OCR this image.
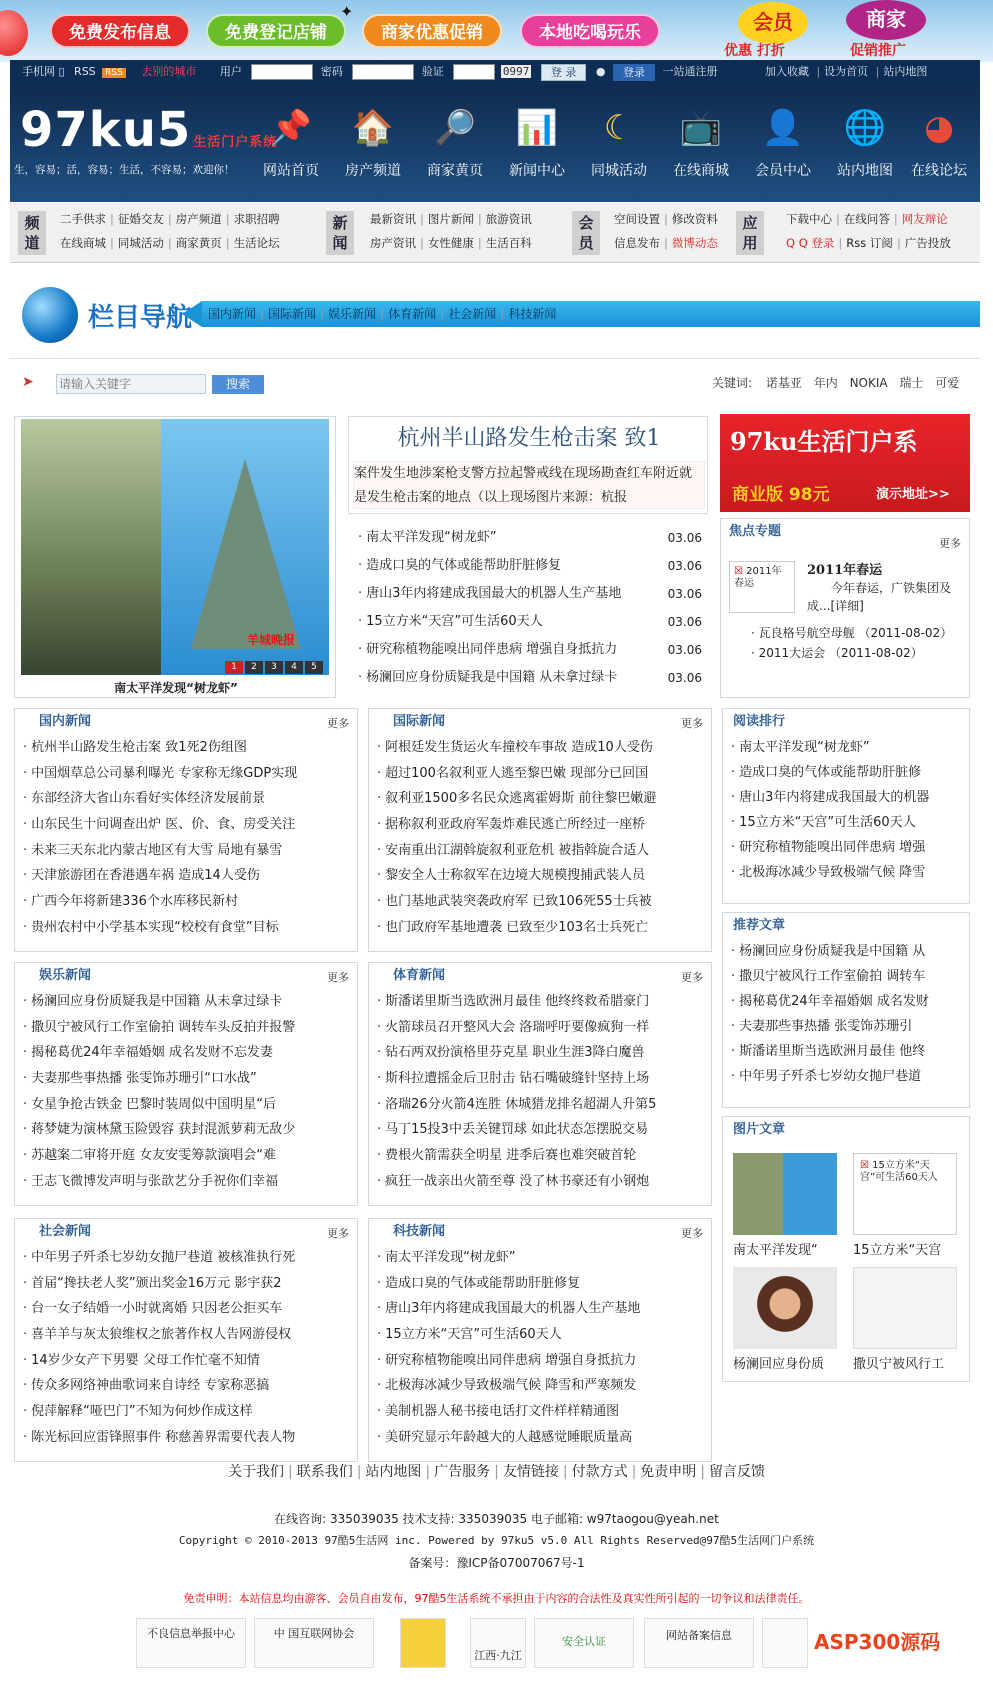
免费发布信息	免费登记店铺
✦
商家优惠促销	本地吃喝玩乐	会员
优惠 打折
商家
促销推广
手机网 ▯ RSS RSS 去别的城市 用户	密码	验证	0997 登 录 ● 登录 一站通注册	加入收藏 | 设为首页 | 站内地图
97ku5 生活门户系统
生，容易；活，容易；生活，不容易；欢迎你！
📌
网站首页
🏠
房产频道
🔎
商家黄页
📊
新闻中心
☾
同城活动
📺
在线商城
👤
会员中心
🌐
站内地图
◕
在线论坛
频道
二手供求 | 征婚交友 | 房产频道 | 求职招聘
在线商城 | 同城活动 | 商家黄页 | 生活论坛
新闻
最新资讯 | 图片新闻 | 旅游资讯
房产资讯 | 女性健康 | 生活百科
会员
空间设置 | 修改资料
信息发布 | 微博动态
应用
下载中心 | 在线问答 | 网友辩论
Q Q 登录 | Rss 订阅 | 广告投放
栏目导航	国内新闻 | 国际新闻 | 娱乐新闻 | 体育新闻 | 社会新闻 | 科技新闻
➤
请输入关键字	搜索	关键词: 诺基亚 年内 NOKIA 瑞士 可爱
羊城晚报
1	2	3	4	5
南太平洋发现“树龙虾”
杭州半山路发生枪击案 致1
案件发生地涉案枪支警方拉起警戒线在现场勘查红车附近就是发生枪击案的地点（以上现场图片来源：杭报
· 南太平洋发现“树龙虾”	03.06
· 造成口臭的气体或能帮助肝脏修复	03.06
· 唐山3年内将建成我国最大的机器人生产基地	03.06
· 15立方米“天宫”可生活60天人	03.06
· 研究称植物能嗅出同伴患病 增强自身抵抗力	03.06
· 杨澜回应身份质疑我是中国籍 从未拿过绿卡	03.06
97ku生活门户系
商业版 98元	演示地址>>
焦点专题
更多
☒ 2011年春运
2011年春运
今年春运，广铁集团及成...[详细]
· 瓦良格号航空母舰 （2011-08-02）
· 2011大运会 （2011-08-02）
国内新闻	更多
· 杭州半山路发生枪击案 致1死2伤组图
· 中国烟草总公司暴利曝光 专家称无缘GDP实现
· 东部经济大省山东看好实体经济发展前景
· 山东民生十问调查出炉 医、价、食、房受关注
· 未来三天东北内蒙古地区有大雪 局地有暴雪
· 天津旅游团在香港遇车祸 造成14人受伤
· 广西今年将新建336个水库移民新村
· 贵州农村中小学基本实现“校校有食堂”目标
国际新闻	更多
· 阿根廷发生货运火车撞校车事故 造成10人受伤
· 超过100名叙利亚人逃至黎巴嫩 现部分已回国
· 叙利亚1500多名民众逃离霍姆斯 前往黎巴嫩避
· 据称叙利亚政府军轰炸难民逃亡所经过一座桥
· 安南重出江湖斡旋叙利亚危机 被指斡旋合适人
· 黎安全人士称叙军在边境大规模搜捕武装人员
· 也门基地武装突袭政府军 已致106死55士兵被
· 也门政府军基地遭袭 已致至少103名士兵死亡
娱乐新闻	更多
· 杨澜回应身份质疑我是中国籍 从未拿过绿卡
· 撒贝宁被风行工作室偷拍 调转车头反拍并报警
· 揭秘葛优24年幸福婚姻 成名发财不忘发妻
· 夫妻那些事热播 张雯饰苏珊引“口水战”
· 女星争抢古铁金 巴黎时装周似中国明星“后
· 蒋梦婕为演林黛玉险毁容 获封混派萝莉无敌少
· 苏越案二审将开庭 女友安雯筹款演唱会“难
· 王志飞微博发声明与张歆艺分手祝你们幸福
体育新闻	更多
· 斯潘诺里斯当选欧洲月最佳 他终终救希腊豪门
· 火箭球员召开整风大会 洛瑞呼吁要像疯狗一样
· 钻石两双扮演格里芬克星 职业生涯3降白魔兽
· 斯科拉遭摇金后卫肘击 钻石嘴破缝针坚持上场
· 洛瑞26分火箭4连胜 休城猎龙排名超湖人升第5
· 马丁15投3中丢关键罚球 如此状态怎摆脱交易
· 费根火箭需获全明星 进季后赛也难突破首轮
· 疯狂一战亲出火箭至尊 没了林书豪还有小钢炮
社会新闻	更多
· 中年男子歼杀七岁幼女抛尸巷道 被核准执行死
· 首届“搀扶老人奖”颁出奖金16万元 影宇获2
· 台一女子结婚一小时就离婚 只因老公拒买车
· 喜羊羊与灰太狼维权之旅著作权人告网游侵权
· 14岁少女产下男婴 父母工作忙毫不知情
· 传众多网络神曲歌词来自诗经 专家称恶搞
· 倪萍解释“哑巴门”不知为何炒作成这样
· 陈光标回应雷锋照事件 称慈善界需要代表人物
科技新闻	更多
· 南太平洋发现“树龙虾”
· 造成口臭的气体或能帮助肝脏修复
· 唐山3年内将建成我国最大的机器人生产基地
· 15立方米“天宫”可生活60天人
· 研究称植物能嗅出同伴患病 增强自身抵抗力
· 北极海冰减少导致极端气候 降雪和严寒频发
· 美制机器人秘书接电话打文件样样精通图
· 美研究显示年龄越大的人越感觉睡眠质量高
阅读排行
· 南太平洋发现“树龙虾”
· 造成口臭的气体或能帮助肝脏修
· 唐山3年内将建成我国最大的机器
· 15立方米“天宫”可生活60天人
· 研究称植物能嗅出同伴患病 增强
· 北极海冰减少导致极端气候 降雪
推荐文章
· 杨澜回应身份质疑我是中国籍 从
· 撒贝宁被风行工作室偷拍 调转车
· 揭秘葛优24年幸福婚姻 成名发财
· 夫妻那些事热播 张雯饰苏珊引
· 斯潘诺里斯当选欧洲月最佳 他终
· 中年男子歼杀七岁幼女抛尸巷道
图片文章
南太平洋发现“
☒ 15立方米“天宫”可生活60天人
15立方米“天宫
杨澜回应身份质	撒贝宁被风行工
关于我们 | 联系我们 | 站内地图 | 广告服务 | 友情链接 | 付款方式 | 免责申明 | 留言反馈
在线咨询: 335039035 技术支持: 335039035 电子邮箱: w97taogou@yeah.net
Copyright © 2010-2013 97酷5生活网 inc. Powered by 97ku5 v5.0 All Rights Reserved@97酷5生活网门户系统
备案号：豫ICP备07007067号-1
免责申明：本站信息均由游客、会员自由发布，97酷5生活系统不承担由于内容的合法性及真实性所引起的一切争议和法律责任。
不良信息举报中心	中 国互联网协会
江西·九江
安全认证	网站备案信息	ASP300源码
